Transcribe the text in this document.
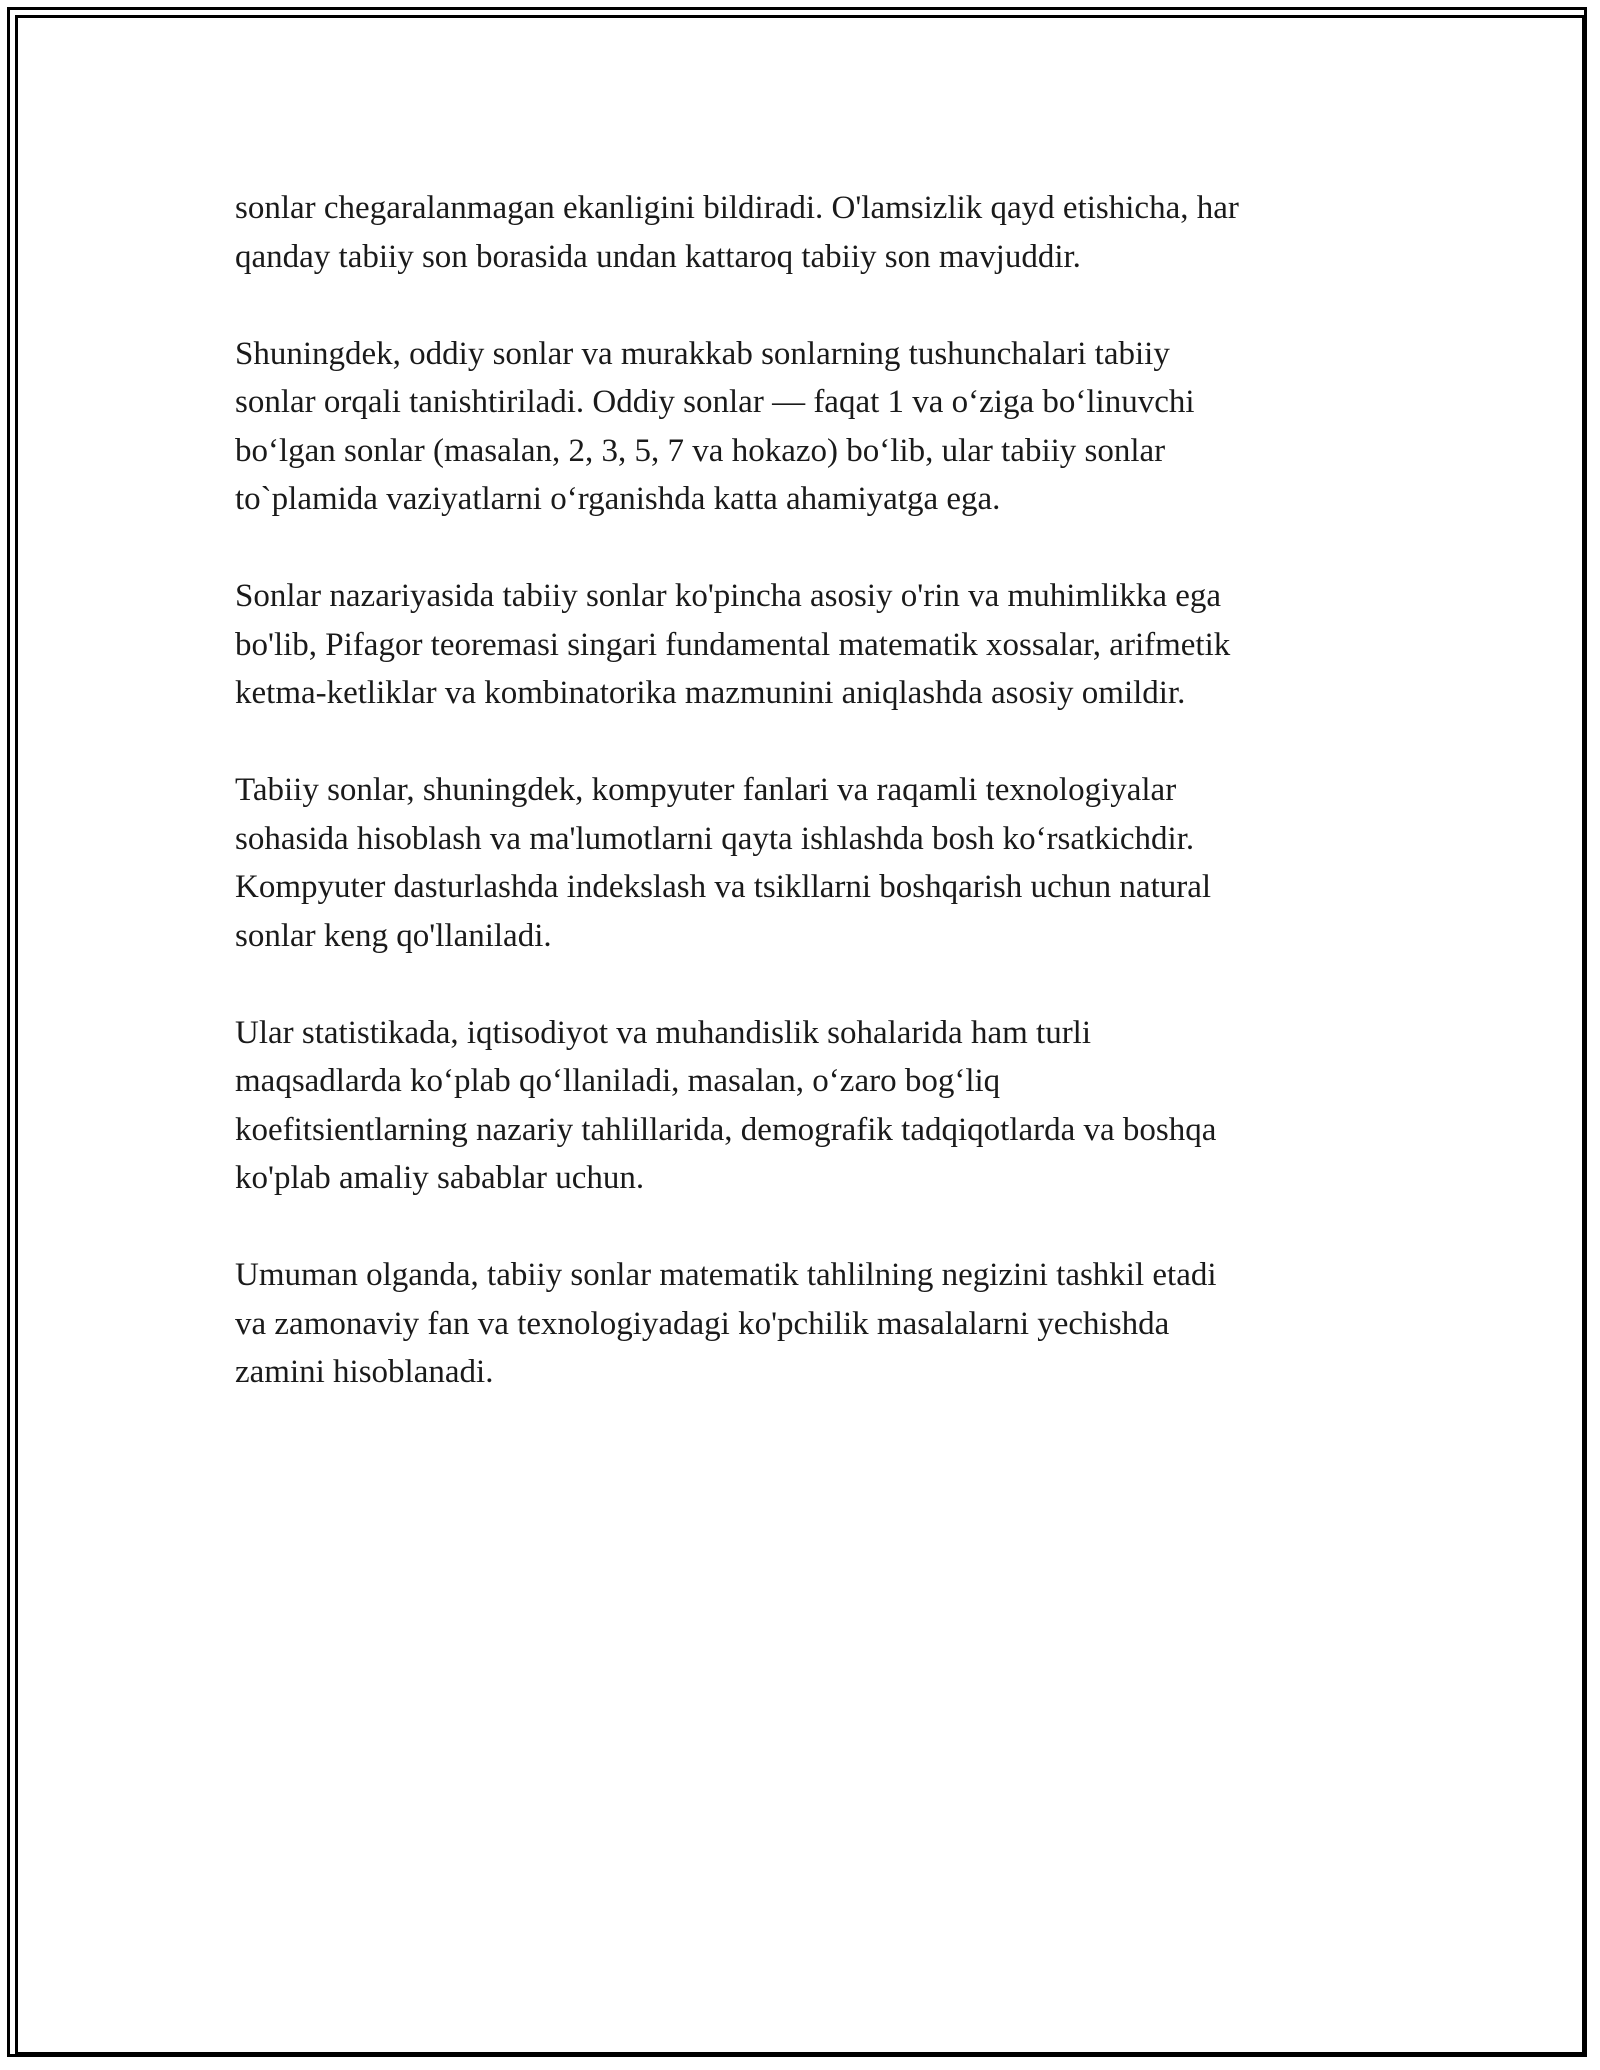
sonlar chegaralanmagan ekanligini bildiradi. O'lamsizlik qayd etishicha, har
qanday tabiiy son borasida undan kattaroq tabiiy son mavjuddir.

Shuningdek, oddiy sonlar va murakkab sonlarning tushunchalari tabiiy
sonlar orqali tanishtiriladi. Oddiy sonlar — faqat 1 va o‘ziga bo‘linuvchi
bo‘lgan sonlar (masalan, 2, 3, 5, 7 va hokazo) bo‘lib, ular tabiiy sonlar
to`plamida vaziyatlarni o‘rganishda katta ahamiyatga ega.

Sonlar nazariyasida tabiiy sonlar ko'pincha asosiy o'rin va muhimlikka ega
bo'lib, Pifagor teoremasi singari fundamental matematik xossalar, arifmetik
ketma-ketliklar va kombinatorika mazmunini aniqlashda asosiy omildir.

Tabiiy sonlar, shuningdek, kompyuter fanlari va raqamli texnologiyalar
sohasida hisoblash va ma'lumotlarni qayta ishlashda bosh ko‘rsatkichdir.
Kompyuter dasturlashda indekslash va tsikllarni boshqarish uchun natural
sonlar keng qo'llaniladi.

Ular statistikada, iqtisodiyot va muhandislik sohalarida ham turli
maqsadlarda ko‘plab qo‘llaniladi, masalan, o‘zaro bog‘liq
koefitsientlarning nazariy tahlillarida, demografik tadqiqotlarda va boshqa
ko'plab amaliy sabablar uchun.

Umuman olganda, tabiiy sonlar matematik tahlilning negizini tashkil etadi
va zamonaviy fan va texnologiyadagi ko'pchilik masalalarni yechishda
zamini hisoblanadi.
